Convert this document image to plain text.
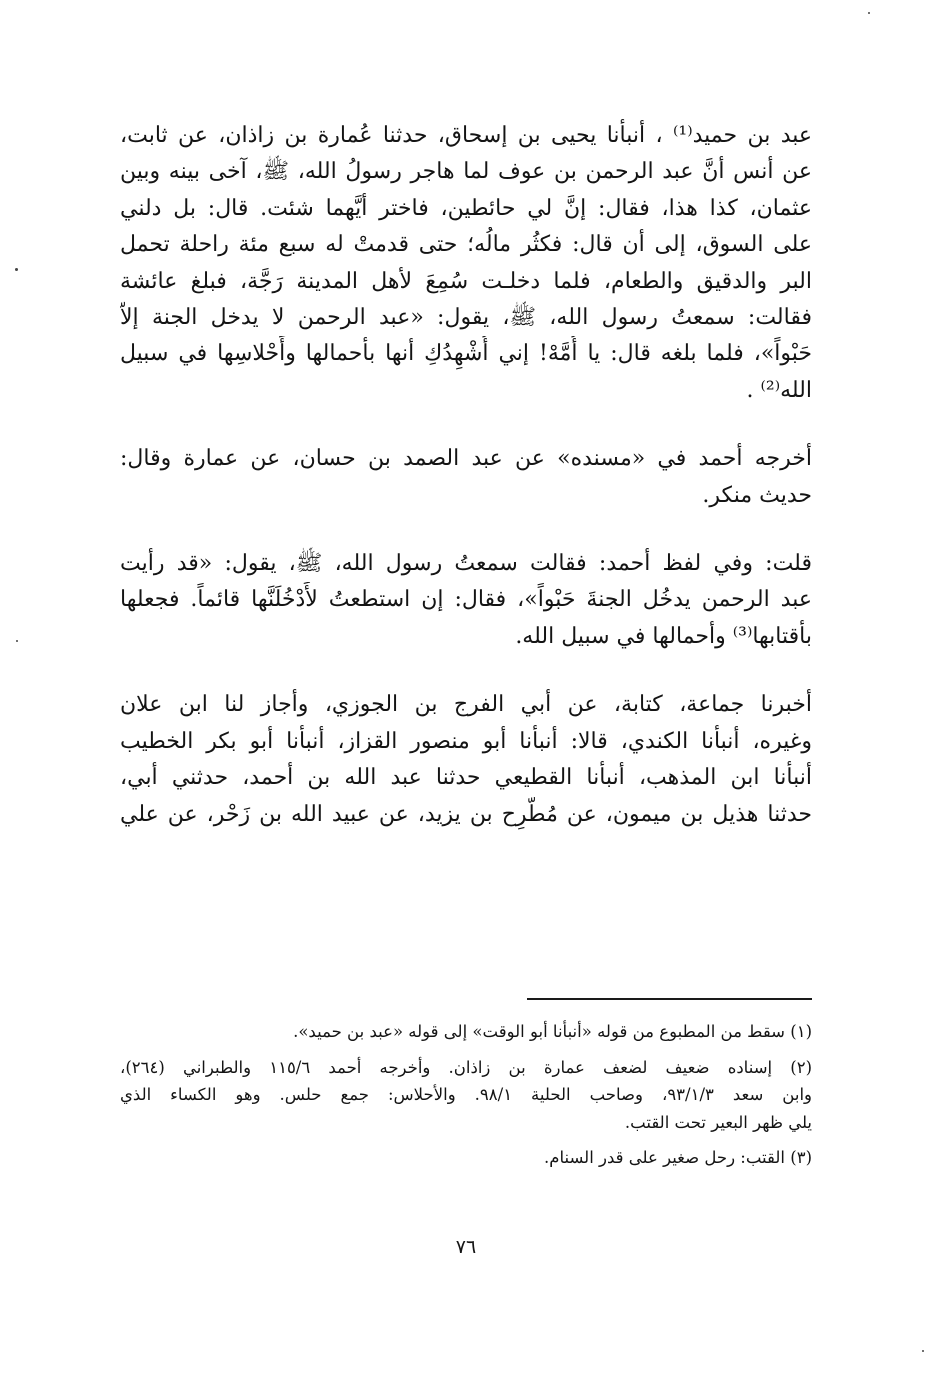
عبد بن حميد⁽¹⁾ ، أنبأنا يحيى بن إسحاق، حدثنا عُمارة بن زاذان، عن ثابت،
عن أنس أنَّ عبد الرحمن بن عوف لما هاجر رسولُ الله، ﷺ، آخى بينه وبين
عثمان، كذا هذا، فقال: إنَّ لي حائطين، فاختر أيَّهما شئت. قال: بل دلني
على السوق، إلى أن قال: فكثُر مالُه؛ حتى قدمتْ له سبع مئة راحلة تحمل
البر والدقيق والطعام، فلما دخلـت سُمِعَ لأهل المدينة رَجَّة، فبلغ عائشة
فقالت: سمعتُ رسول الله، ﷺ، يقول: «عبد الرحمن لا يدخل الجنة إلاّ
حَبْواً»، فلما بلغه قال: يا أُمَّهْ! إني أُشْهِدُكِ أنها بأحمالها وأَحْلاسِها في سبيل
الله⁽²⁾ .
أخرجه أحمد في «مسنده» عن عبد الصمد بن حسان، عن عمارة وقال:
حديث منكر.
قلت: وفي لفظ أحمد: فقالت سمعتُ رسول الله، ﷺ، يقول: «قد رأيت
عبد الرحمن يدخُل الجنةَ حَبْواً»، فقال: إن استطعتُ لأَدْخُلَنَّها قائماً. فجعلها
بأقتابها⁽³⁾ وأحمالها في سبيل الله.
أخبرنا جماعة، كتابة، عن أبي الفرج بن الجوزي، وأجاز لنا ابن علان
وغيره، أنبأنا الكندي، قالا: أنبأنا أبو منصور القزاز، أنبأنا أبو بكر الخطيب
أنبأنا ابن المذهب، أنبأنا القطيعي حدثنا عبد الله بن أحمد، حدثني أبي،
حدثنا هذيل بن ميمون، عن مُطَّرِح بن يزيد، عن عبيد الله بن زَحْر، عن علي
(١) سقط من المطبوع من قوله «أنبأنا أبو الوقت» إلى قوله «عبد بن حميد».
(٢) إسناده ضعيف لضعف عمارة بن زاذان. وأخرجه أحمد ١١٥/٦ والطبراني (٢٦٤)،
وابن سعد ٩٣/١/٣، وصاحب الحلية ٩٨/١. والأحلاس: جمع حلس. وهو الكساء الذي
يلي ظهر البعير تحت القتب.
(٣) القتب: رحل صغير على قدر السنام.
٧٦
